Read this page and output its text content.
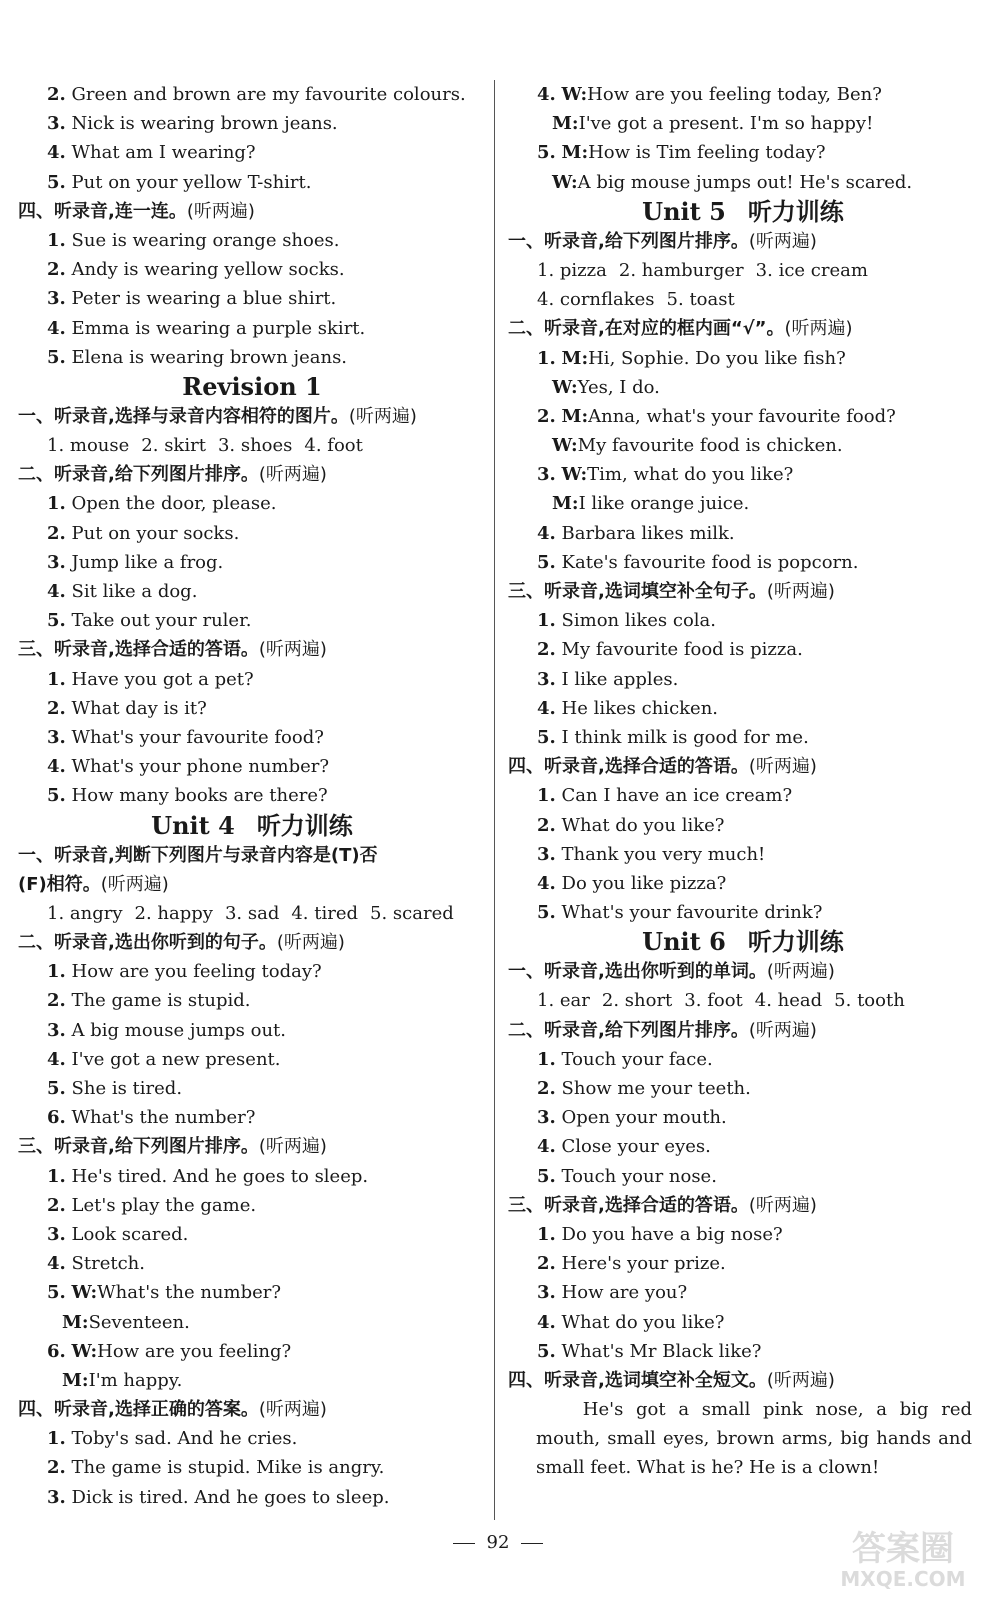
2. Green and brown are my favourite colours.
3. Nick is wearing brown jeans.
4. What am I wearing?
5. Put on your yellow T-shirt.
四、听录音,连一连。(听两遍)
1. Sue is wearing orange shoes.
2. Andy is wearing yellow socks.
3. Peter is wearing a blue shirt.
4. Emma is wearing a purple skirt.
5. Elena is wearing brown jeans.
Revision 1
一、听录音,选择与录音内容相符的图片。(听两遍)
1. mouse 2. skirt 3. shoes 4. foot
二、听录音,给下列图片排序。(听两遍)
1. Open the door, please.
2. Put on your socks.
3. Jump like a frog.
4. Sit like a dog.
5. Take out your ruler.
三、听录音,选择合适的答语。(听两遍)
1. Have you got a pet?
2. What day is it?
3. What's your favourite food?
4. What's your phone number?
5. How many books are there?
Unit 4 听力训练
一、听录音,判断下列图片与录音内容是(T)否
(F)相符。(听两遍)
1. angry 2. happy 3. sad 4. tired 5. scared
二、听录音,选出你听到的句子。(听两遍)
1. How are you feeling today?
2. The game is stupid.
3. A big mouse jumps out.
4. I've got a new present.
5. She is tired.
6. What's the number?
三、听录音,给下列图片排序。(听两遍)
1. He's tired. And he goes to sleep.
2. Let's play the game.
3. Look scared.
4. Stretch.
5. W:What's the number?
M:Seventeen.
6. W:How are you feeling?
M:I'm happy.
四、听录音,选择正确的答案。(听两遍)
1. Toby's sad. And he cries.
2. The game is stupid. Mike is angry.
3. Dick is tired. And he goes to sleep.
4. W:How are you feeling today, Ben?
M:I've got a present. I'm so happy!
5. M:How is Tim feeling today?
W:A big mouse jumps out! He's scared.
Unit 5 听力训练
一、听录音,给下列图片排序。(听两遍)
1. pizza 2. hamburger 3. ice cream
4. cornflakes 5. toast
二、听录音,在对应的框内画“√”。(听两遍)
1. M:Hi, Sophie. Do you like fish?
W:Yes, I do.
2. M:Anna, what's your favourite food?
W:My favourite food is chicken.
3. W:Tim, what do you like?
M:I like orange juice.
4. Barbara likes milk.
5. Kate's favourite food is popcorn.
三、听录音,选词填空补全句子。(听两遍)
1. Simon likes cola.
2. My favourite food is pizza.
3. I like apples.
4. He likes chicken.
5. I think milk is good for me.
四、听录音,选择合适的答语。(听两遍)
1. Can I have an ice cream?
2. What do you like?
3. Thank you very much!
4. Do you like pizza?
5. What's your favourite drink?
Unit 6 听力训练
一、听录音,选出你听到的单词。(听两遍)
1. ear 2. short 3. foot 4. head 5. tooth
二、听录音,给下列图片排序。(听两遍)
1. Touch your face.
2. Show me your teeth.
3. Open your mouth.
4. Close your eyes.
5. Touch your nose.
三、听录音,选择合适的答语。(听两遍)
1. Do you have a big nose?
2. Here's your prize.
3. How are you?
4. What do you like?
5. What's Mr Black like?
四、听录音,选词填空补全短文。(听两遍)
He's got a small pink nose, a big red mouth, small eyes, brown arms, big hands and small feet. What is he? He is a clown!
92	答案圈
MXQE.COM
